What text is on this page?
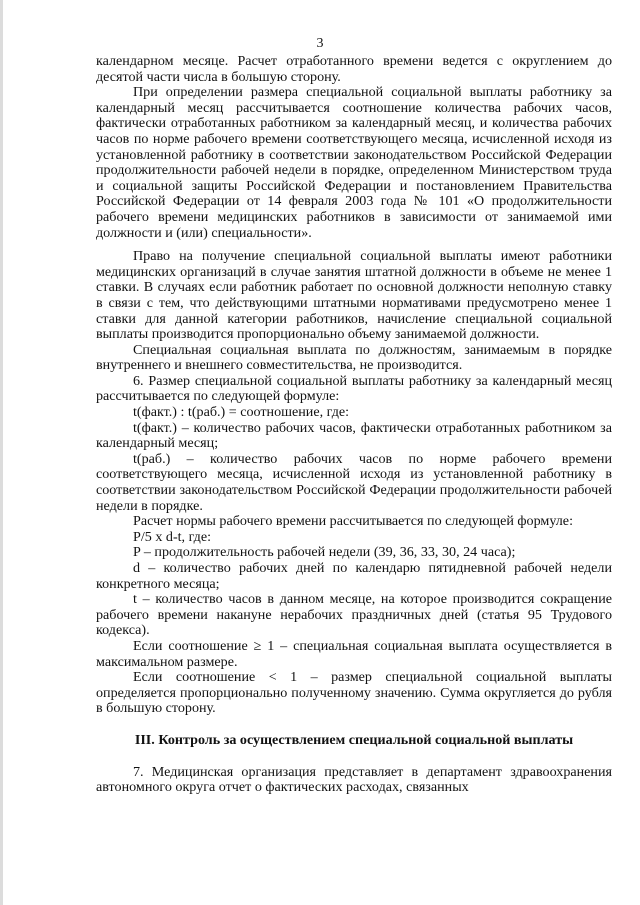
3

календарном месяце. Расчет отработанного времени ведется с округлением до десятой части числа в большую сторону.

При определении размера специальной социальной выплаты работнику за календарный месяц рассчитывается соотношение количества рабочих часов, фактически отработанных работником за календарный месяц, и количества рабочих часов по норме рабочего времени соответствующего месяца, исчисленной исходя из установленной работнику в соответствии законодательством Российской Федерации продолжительности рабочей недели в порядке, определенном Министерством труда и социальной защиты Российской Федерации и постановлением Правительства Российской Федерации от 14 февраля 2003 года № 101 «О продолжительности рабочего времени медицинских работников в зависимости от занимаемой ими должности и (или) специальности».

Право на получение специальной социальной выплаты имеют работники медицинских организаций в случае занятия штатной должности в объеме не менее 1 ставки. В случаях если работник работает по основной должности неполную ставку в связи с тем, что действующими штатными нормативами предусмотрено менее 1 ставки для данной категории работников, начисление специальной социальной выплаты производится пропорционально объему занимаемой должности.

Специальная социальная выплата по должностям, занимаемым в порядке внутреннего и внешнего совместительства, не производится.

6. Размер специальной социальной выплаты работнику за календарный месяц рассчитывается по следующей формуле:

t(факт.) : t(раб.) = соотношение, где:

t(факт.) – количество рабочих часов, фактически отработанных работником за календарный месяц;

t(раб.) – количество рабочих часов по норме рабочего времени соответствующего месяца, исчисленной исходя из установленной работнику в соответствии законодательством Российской Федерации продолжительности рабочей недели в порядке.

Расчет нормы рабочего времени рассчитывается по следующей формуле:

P/5 x d-t, где:

P – продолжительность рабочей недели (39, 36, 33, 30, 24 часа);

d – количество рабочих дней по календарю пятидневной рабочей недели конкретного месяца;

t – количество часов в данном месяце, на которое производится сокращение рабочего времени накануне нерабочих праздничных дней (статья 95 Трудового кодекса).

Если соотношение ≥ 1 – специальная социальная выплата осуществляется в максимальном размере.

Если соотношение < 1 – размер специальной социальной выплаты определяется пропорционально полученному значению. Сумма округляется до рубля в большую сторону.

III. Контроль за осуществлением специальной социальной выплаты

7. Медицинская организация представляет в департамент здравоохранения автономного округа отчет о фактических расходах, связанных
